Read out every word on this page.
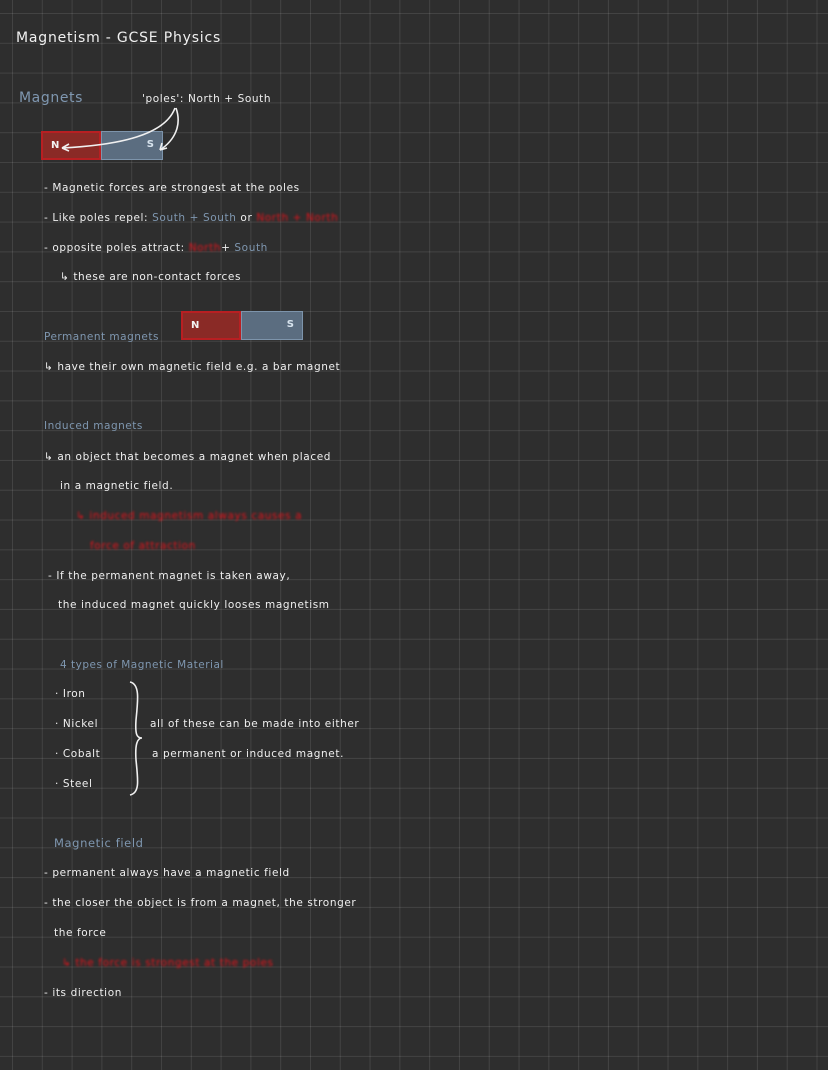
Magnetism - GCSE Physics
Magnets	'poles': North + South
N	S
- Magnetic forces are strongest at the poles
- Like poles repel: South + South or North + North
- opposite poles attract: North+ South
↳ these are non-contact forces
Permanent magnets
N	S
↳ have their own magnetic field e.g. a bar magnet
Induced magnets
↳ an object that becomes a magnet when placed
in a magnetic field.
↳ induced magnetism always causes a
force of attraction
- If the permanent magnet is taken away,
the induced magnet quickly looses magnetism
4 types of Magnetic Material
· Iron
· Nickel
· Cobalt
· Steel
all of these can be made into either
a permanent or induced magnet.
Magnetic field
- permanent always have a magnetic field
- the closer the object is from a magnet, the stronger
the force
↳ the force is strongest at the poles
- its direction
